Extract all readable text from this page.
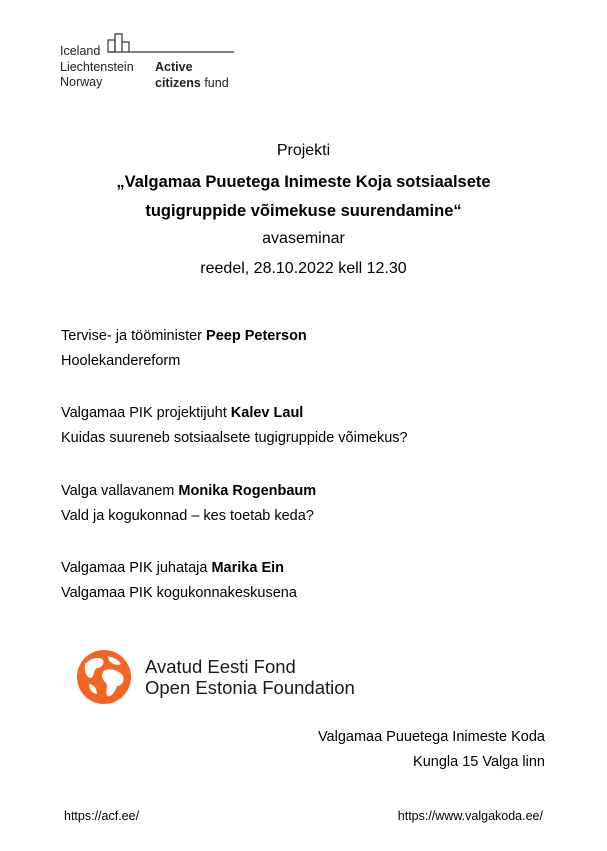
Iceland
Liechtenstein
Norway
Active
citizens fund
Projekti
„Valgamaa Puuetega Inimeste Koja sotsiaalsete
tugigruppide võimekuse suurendamine“
avaseminar
reedel, 28.10.2022 kell 12.30
Tervise- ja tööminister Peep Peterson
Hoolekandereform
Valgamaa PIK projektijuht Kalev Laul
Kuidas suureneb sotsiaalsete tugigruppide võimekus?
Valga vallavanem Monika Rogenbaum
Vald ja kogukonnad – kes toetab keda?
Valgamaa PIK juhataja Marika Ein
Valgamaa PIK kogukonnakeskusena
Avatud Eesti Fond
Open Estonia Foundation
Valgamaa Puuetega Inimeste Koda
Kungla 15 Valga linn
https://acf.ee/	https://www.valgakoda.ee/
